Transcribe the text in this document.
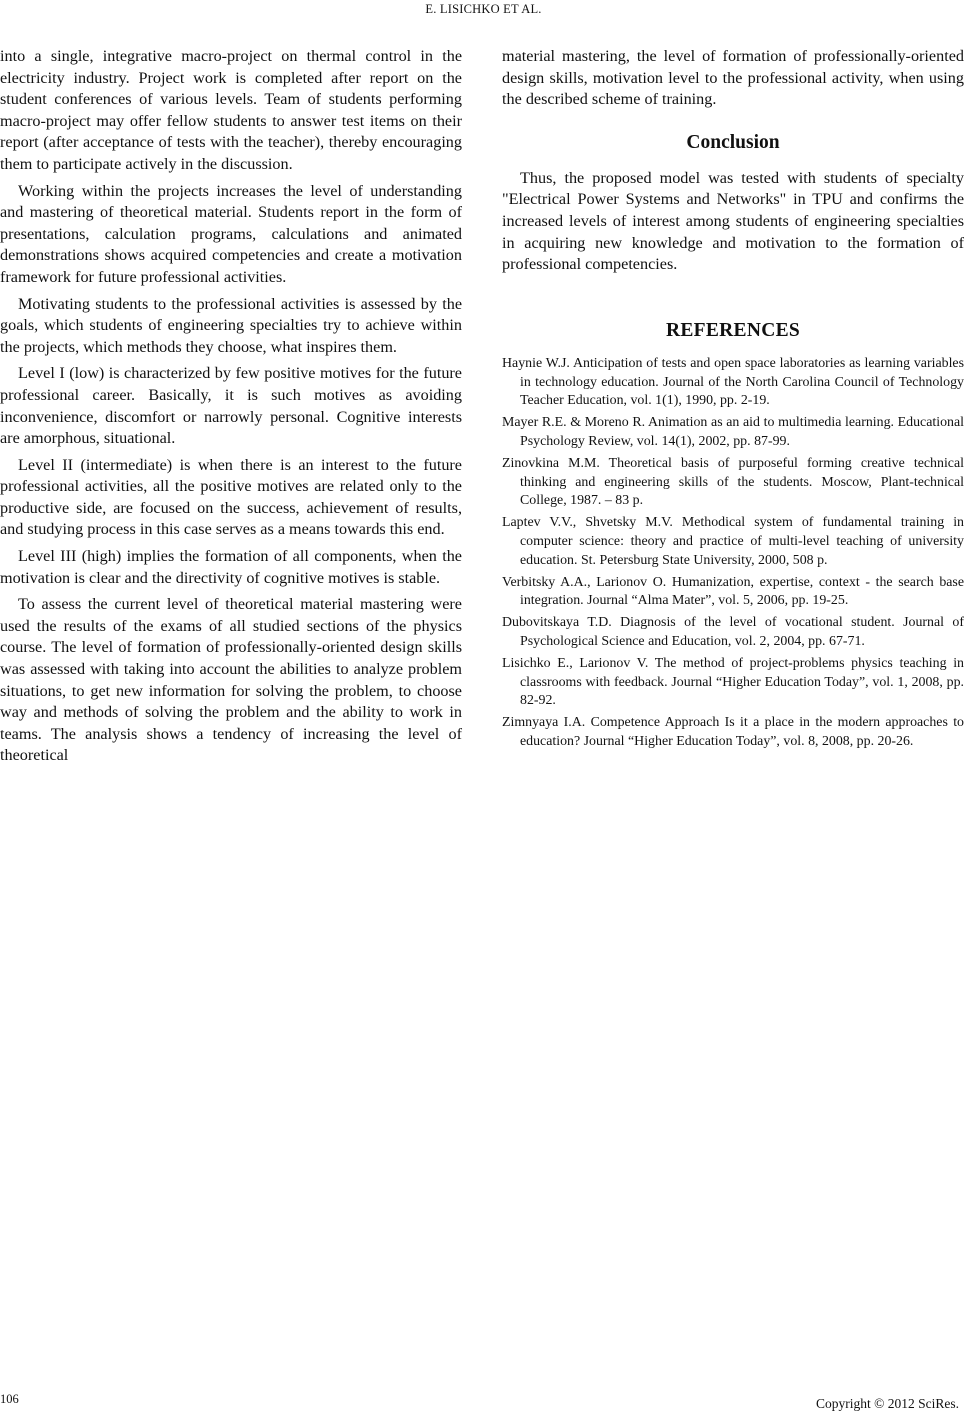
E. LISICHKO ET AL.

into a single, integrative macro-project on thermal control in the electricity industry. Project work is completed after report on the student conferences of various levels. Team of students performing macro-project may offer fellow students to answer test items on their report (after acceptance of tests with the teacher), thereby encouraging them to participate actively in the discussion.

Working within the projects increases the level of understanding and mastering of theoretical material. Students report in the form of presentations, calculation programs, calculations and animated demonstrations shows acquired competencies and create a motivation framework for future professional activities.

Motivating students to the professional activities is assessed by the goals, which students of engineering specialties try to achieve within the projects, which methods they choose, what inspires them.

Level I (low) is characterized by few positive motives for the future professional career. Basically, it is such motives as avoiding inconvenience, discomfort or narrowly personal. Cognitive interests are amorphous, situational.

Level II (intermediate) is when there is an interest to the future professional activities, all the positive motives are related only to the productive side, are focused on the success, achievement of results, and studying process in this case serves as a means towards this end.

Level III (high) implies the formation of all components, when the motivation is clear and the directivity of cognitive motives is stable.

To assess the current level of theoretical material mastering were used the results of the exams of all studied sections of the physics course. The level of formation of professionally-oriented design skills was assessed with taking into account the abilities to analyze problem situations, to get new information for solving the problem, to choose way and methods of solving the problem and the ability to work in teams. The analysis shows a tendency of increasing the level of theoretical

material mastering, the level of formation of professionally-oriented design skills, motivation level to the professional activity, when using the described scheme of training.

Conclusion

Thus, the proposed model was tested with students of specialty "Electrical Power Systems and Networks" in TPU and confirms the increased levels of interest among students of engineering specialties in acquiring new knowledge and motivation to the formation of professional competencies.

REFERENCES
Haynie W.J. Anticipation of tests and open space laboratories as learning variables in technology education. Journal of the North Carolina Council of Technology Teacher Education, vol. 1(1), 1990, pp. 2-19.
Mayer R.E. & Moreno R. Animation as an aid to multimedia learning. Educational Psychology Review, vol. 14(1), 2002, pp. 87-99.
Zinovkina M.M. Theoretical basis of purposeful forming creative technical thinking and engineering skills of the students. Moscow, Plant-technical College, 1987. – 83 p.
Laptev V.V., Shvetsky M.V. Methodical system of fundamental training in computer science: theory and practice of multi-level teaching of university education. St. Petersburg State University, 2000, 508 p.
Verbitsky A.A., Larionov O. Humanization, expertise, context - the search base integration. Journal “Alma Mater”, vol. 5, 2006, pp. 19-25.
Dubovitskaya T.D. Diagnosis of the level of vocational student. Journal of Psychological Science and Education, vol. 2, 2004, pp. 67-71.
Lisichko E., Larionov V. The method of project-problems physics teaching in classrooms with feedback. Journal “Higher Education Today”, vol. 1, 2008, pp. 82-92.
Zimnyaya I.A. Competence Approach Is it a place in the modern approaches to education? Journal “Higher Education Today”, vol. 8, 2008, pp. 20-26.
106	Copyright © 2012 SciRes.
